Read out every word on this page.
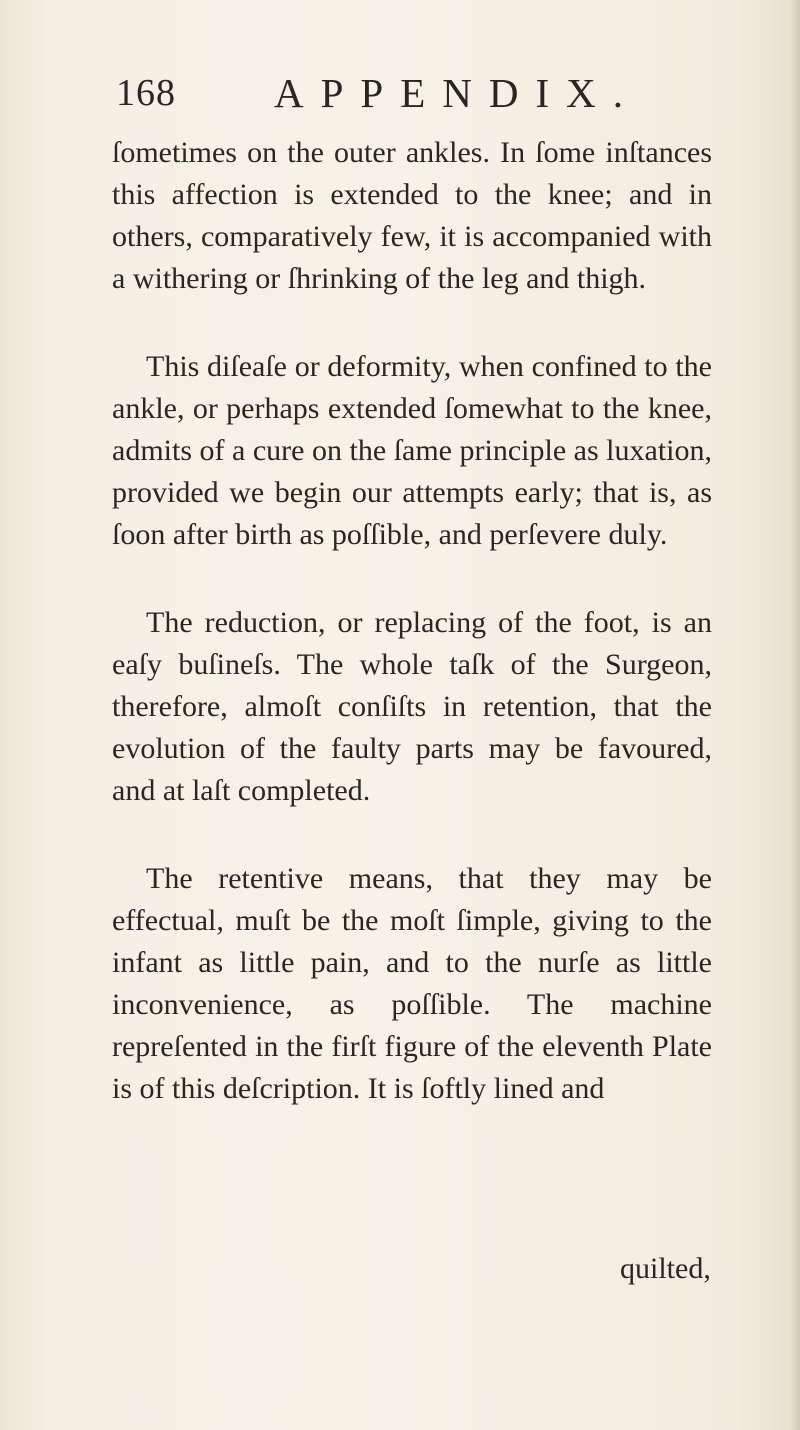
168 APPENDIX.

ſometimes on the outer ankles. In ſome inſtances this affection is extended to the knee; and in others, comparatively few, it is accompanied with a withering or ſhrinking of the leg and thigh.

This diſeaſe or deformity, when confined to the ankle, or perhaps extended ſomewhat to the knee, admits of a cure on the ſame principle as luxation, provided we begin our attempts early; that is, as ſoon after birth as poſſible, and perſevere duly.

The reduction, or replacing of the foot, is an eaſy buſineſs. The whole taſk of the Surgeon, therefore, almoſt conſiſts in retention, that the evolution of the faulty parts may be favoured, and at laſt completed.

The retentive means, that they may be effectual, muſt be the moſt ſimple, giving to the infant as little pain, and to the nurſe as little inconvenience, as poſſible. The machine repreſented in the firſt figure of the eleventh Plate is of this deſcription. It is ſoftly lined and

quilted,
